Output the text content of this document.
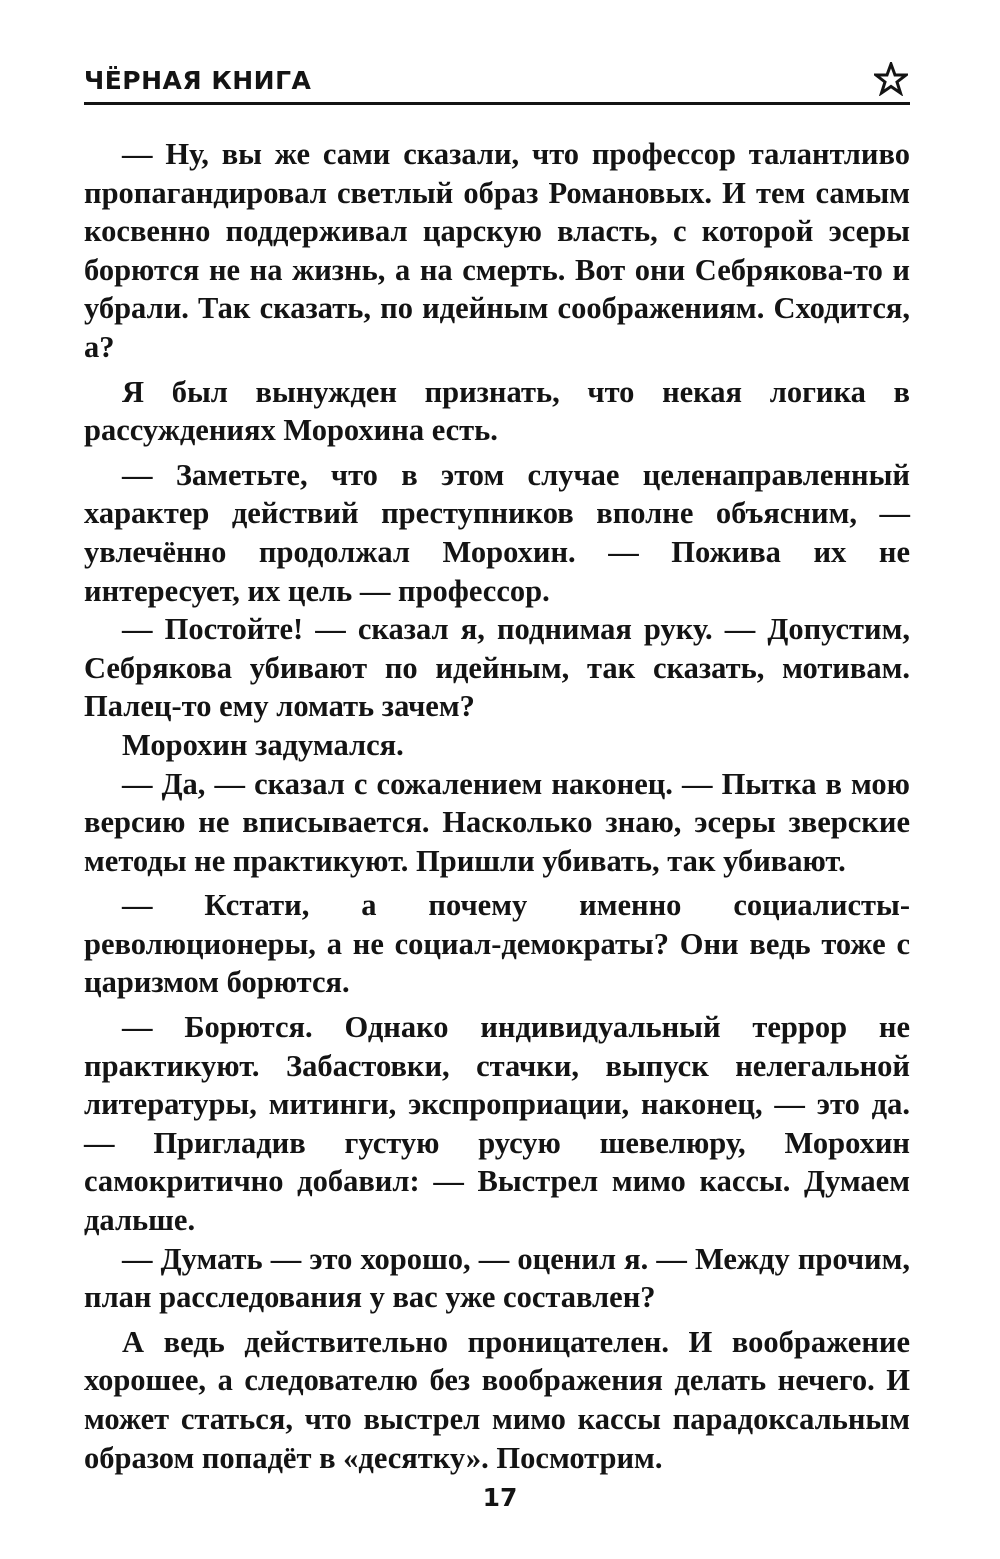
ЧЁРНАЯ КНИГА

— Ну, вы же сами сказали, что профессор талантливо пропагандировал светлый образ Романовых. И тем самым косвенно поддерживал царскую власть, с которой эсеры борются не на жизнь, а на смерть. Вот они Себрякова-то и убрали. Так сказать, по идейным соображениям. Сходится, а?

Я был вынужден признать, что некая логика в рассуждениях Морохина есть.

— Заметьте, что в этом случае целенаправленный характер действий преступников вполне объясним, — увлечённо продолжал Морохин. — Пожива их не интересует, их цель — профессор.

— Постойте! — сказал я, поднимая руку. — Допустим, Себрякова убивают по идейным, так сказать, мотивам. Палец-то ему ломать зачем?

Морохин задумался.

— Да, — сказал с сожалением наконец. — Пытка в мою версию не вписывается. Насколько знаю, эсеры зверские методы не практикуют. Пришли убивать, так убивают.

— Кстати, а почему именно социалисты-революционеры, а не социал-демократы? Они ведь тоже с царизмом борются.

— Борются. Однако индивидуальный террор не практикуют. Забастовки, стачки, выпуск нелегальной литературы, митинги, экспроприации, наконец, — это да. — Пригладив густую русую шевелюру, Морохин самокритично добавил: — Выстрел мимо кассы. Думаем дальше.

— Думать — это хорошо, — оценил я. — Между прочим, план расследования у вас уже составлен?

А ведь действительно проницателен. И воображение хорошее, а следователю без воображения делать нечего. И может статься, что выстрел мимо кассы парадоксальным образом попадёт в «десятку». Посмотрим.

17
